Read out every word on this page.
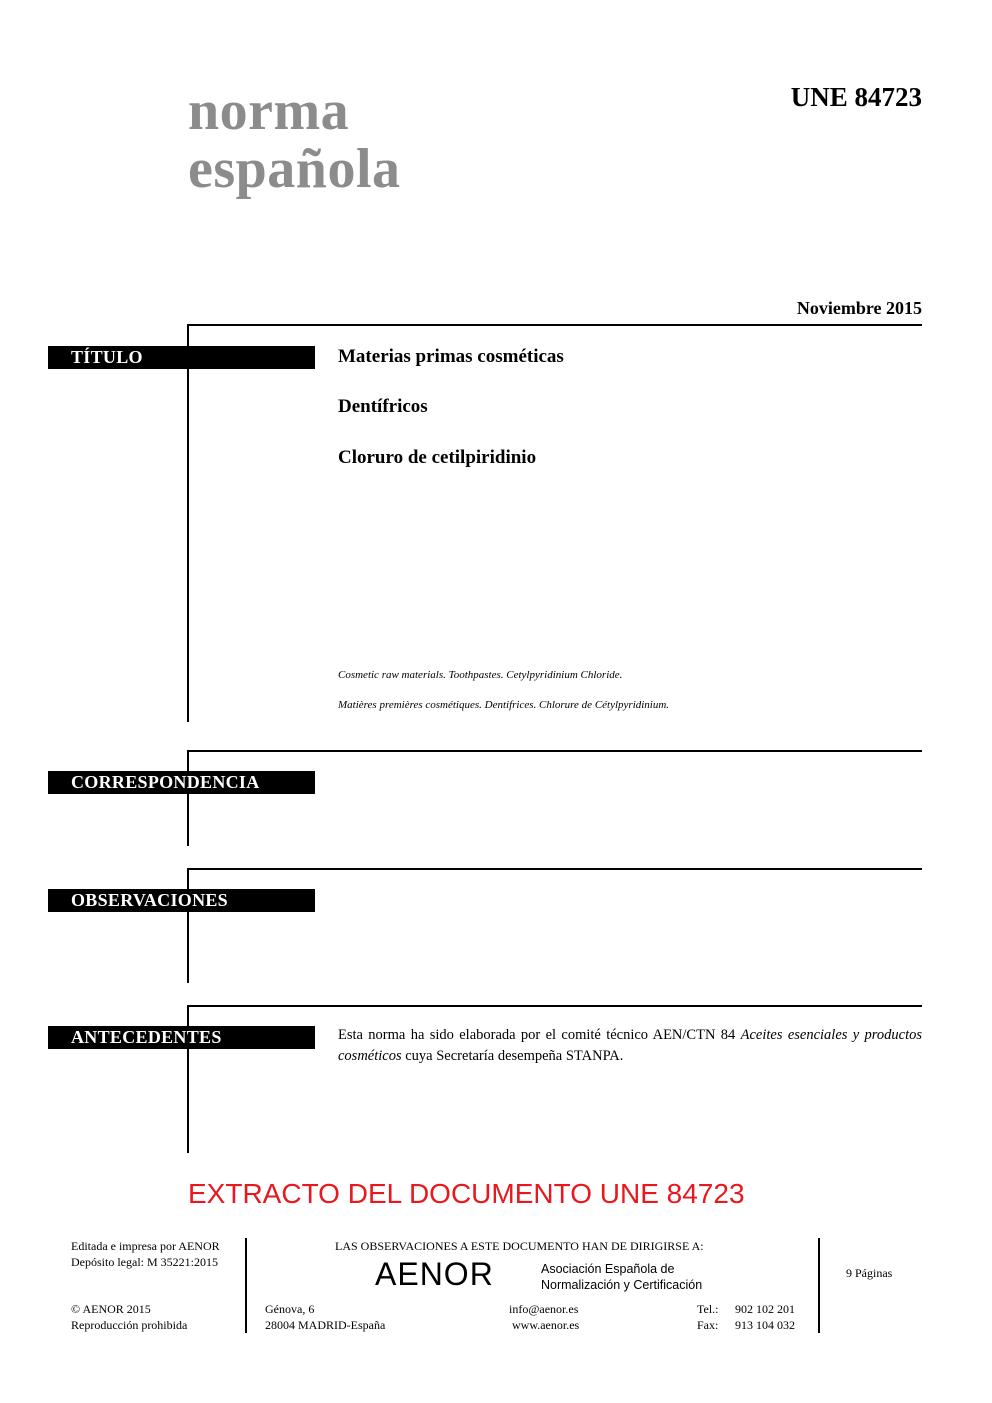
norma
española
UNE 84723
Noviembre 2015
TÍTULO	Materias primas cosméticas
Dentífricos
Cloruro de cetilpiridinio
Cosmetic raw materials. Toothpastes. Cetylpyridinium Chloride.
Matières premières cosmétiques. Dentifrices. Chlorure de Cétylpyridinium.
CORRESPONDENCIA
OBSERVACIONES
ANTECEDENTES	Esta norma ha sido elaborada por el comité técnico AEN/CTN 84 Aceites esenciales y productos cosméticos cuya Secretaría desempeña STANPA.
EXTRACTO DEL DOCUMENTO UNE 84723
Editada e impresa por AENOR
Depósito legal: M 35221:2015
© AENOR 2015
Reproducción prohibida
LAS OBSERVACIONES A ESTE DOCUMENTO HAN DE DIRIGIRSE A:
AENOR	Asociación Española de
Normalización y Certificación
Génova, 6
28004 MADRID-España
info@aenor.es
www.aenor.es
Tel.: 902 102 201
Fax: 913 104 032
9 Páginas
